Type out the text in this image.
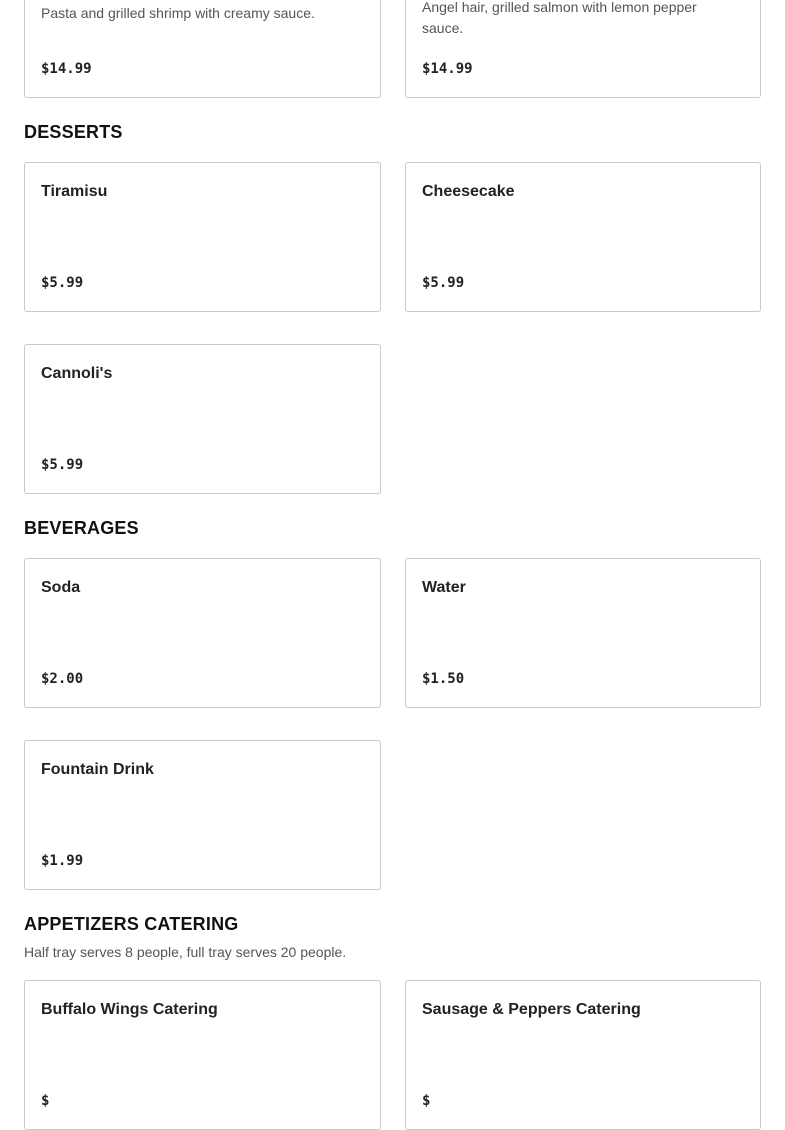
Pasta and grilled shrimp with creamy sauce.
$14.99
Angel hair, grilled salmon with lemon pepper sauce.
$14.99
DESSERTS
Tiramisu
$5.99
Cheesecake
$5.99
Cannoli's
$5.99
BEVERAGES
Soda
$2.00
Water
$1.50
Fountain Drink
$1.99
APPETIZERS CATERING
Half tray serves 8 people, full tray serves 20 people.
Buffalo Wings Catering
$
Sausage & Peppers Catering
$
